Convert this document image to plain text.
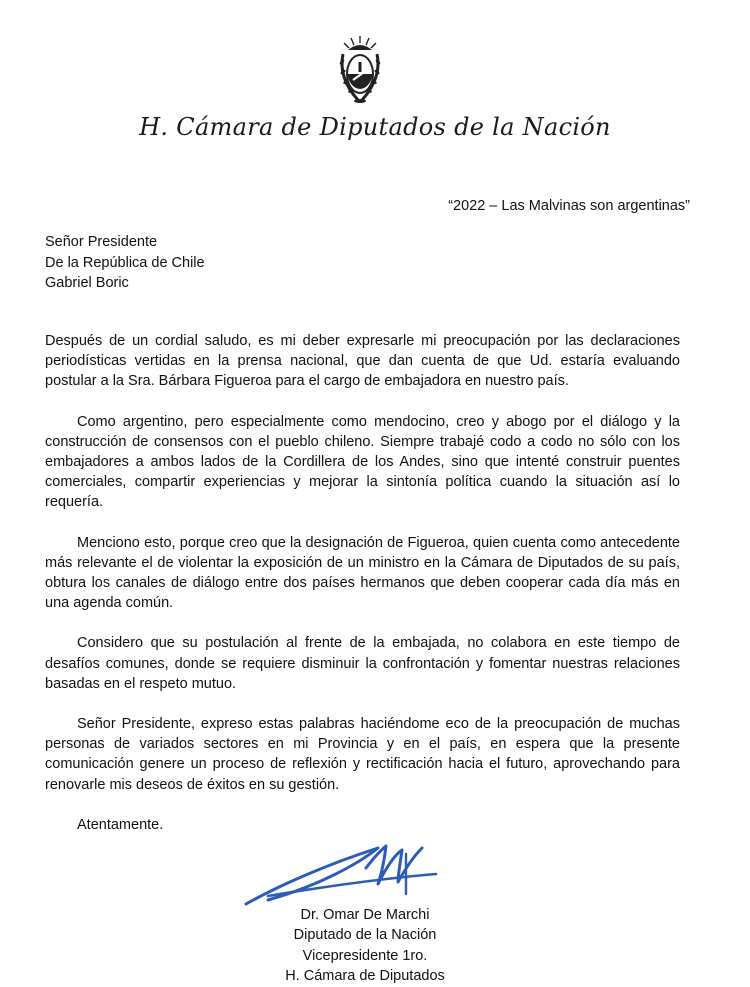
H. Cámara de Diputados de la Nación
“2022 – Las Malvinas son argentinas”
Señor Presidente
De la República de Chile
Gabriel Boric

Después de un cordial saludo, es mi deber expresarle mi preocupación por las declaraciones periodísticas vertidas en la prensa nacional, que dan cuenta de que Ud. estaría evaluando postular a la Sra. Bárbara Figueroa para el cargo de embajadora en nuestro país.

Como argentino, pero especialmente como mendocino, creo y abogo por el diálogo y la construcción de consensos con el pueblo chileno. Siempre trabajé codo a codo no sólo con los embajadores a ambos lados de la Cordillera de los Andes, sino que intenté construir puentes comerciales, compartir experiencias y mejorar la sintonía política cuando la situación así lo requería.

Menciono esto, porque creo que la designación de Figueroa, quien cuenta como antecedente más relevante el de violentar la exposición de un ministro en la Cámara de Diputados de su país, obtura los canales de diálogo entre dos países hermanos que deben cooperar cada día más en una agenda común.

Considero que su postulación al frente de la embajada, no colabora en este tiempo de desafíos comunes, donde se requiere disminuir la confrontación y fomentar nuestras relaciones basadas en el respeto mutuo.

Señor Presidente, expreso estas palabras haciéndome eco de la preocupación de muchas personas de variados sectores en mi Provincia y en el país, en espera que la presente comunicación genere un proceso de reflexión y rectificación hacia el futuro, aprovechando para renovarle mis deseos de éxitos en su gestión.

Atentamente.

Dr. Omar De Marchi
Diputado de la Nación
Vicepresidente 1ro.
H. Cámara de Diputados
